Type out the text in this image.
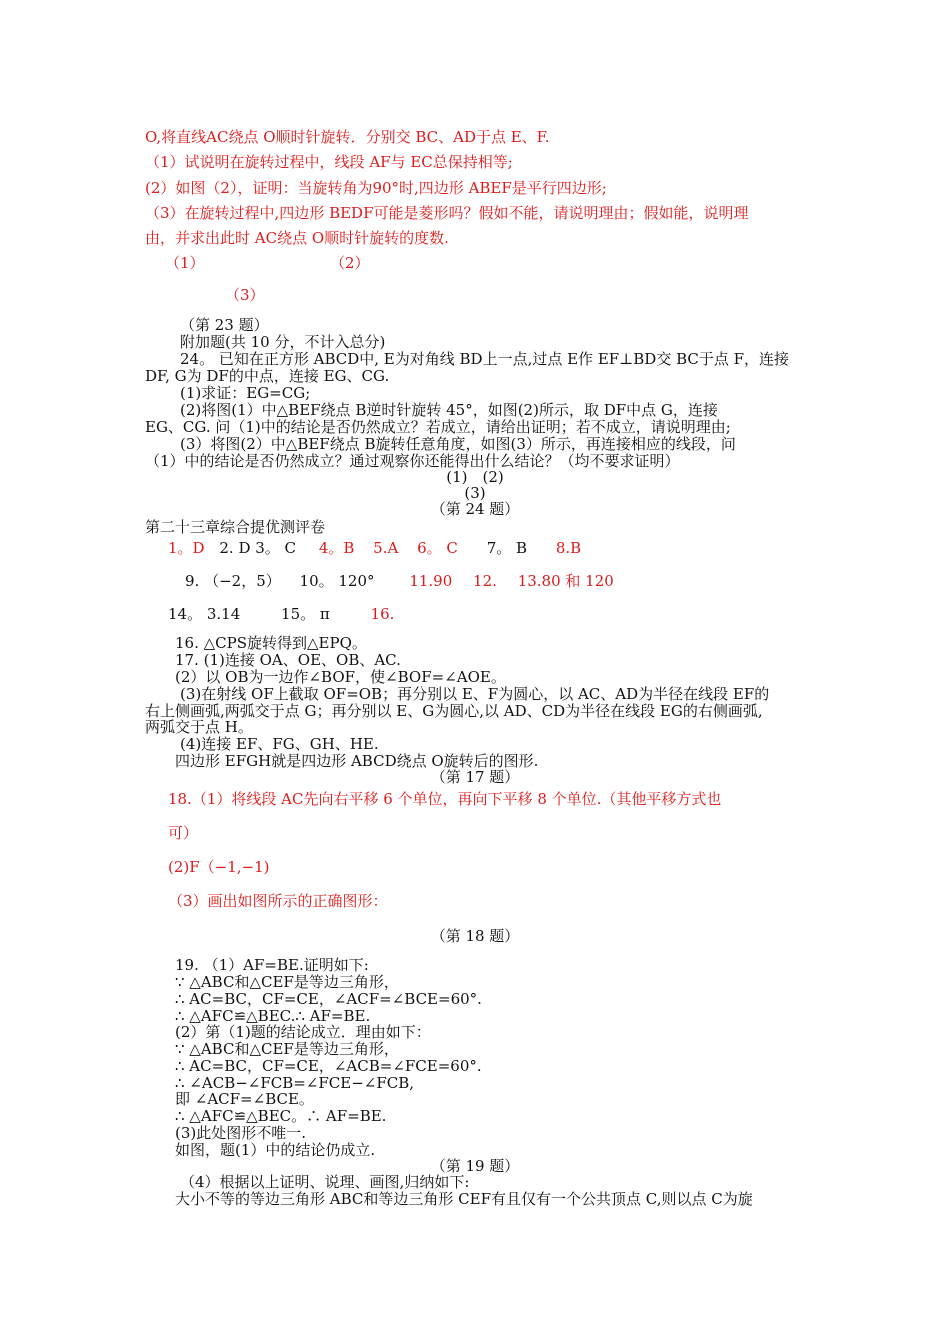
O,将直线AC绕点 O顺时针旋转．分别交 BC、AD于点 E、F.
（1）试说明在旋转过程中，线段 AF与 EC总保持相等;
(2）如图（2），证明：当旋转角为90°时,四边形 ABEF是平行四边形;
（3）在旋转过程中,四边形 BEDF可能是菱形吗？假如不能，请说明理由；假如能，说明理
由，并求出此时 AC绕点 O顺时针旋转的度数.
（1）	（2）
（3）
（第 23 题）
附加题(共 10 分，不计入总分)
24。 已知在正方形 ABCD中, E为对角线 BD上一点,过点 E作 EF⊥BD交 BC于点 F，连接
DF, G为 DF的中点，连接 EG、CG.
(1)求证：EG=CG;
(2)将图(1）中△BEF绕点 B逆时针旋转 45°，如图(2)所示，取 DF中点 G，连接
EG、CG. 问（1)中的结论是否仍然成立？若成立，请给出证明；若不成立，请说明理由;
(3）将图(2）中△BEF绕点 B旋转任意角度，如图(3）所示，再连接相应的线段，问
（1）中的结论是否仍然成立？通过观察你还能得出什么结论？（均不要求证明）
(1)　(2)
(3)
（第 24 题）
第二十三章综合提优测评卷
1。D 2. D 3。 C 4。B 5.A 6。 C 7。 B 8.B
9. （−2，5） 10。 120° 11.90 12. 13.80 和 120
14。 3.14	15。 π	16.
16. △CPS旋转得到△EPQ。
17. (1)连接 OA、OE、OB、AC.
(2）以 OB为一边作∠BOF，使∠BOF=∠AOE。
(3)在射线 OF上截取 OF=OB；再分别以 E、F为圆心，以 AC、AD为半径在线段 EF的
右上侧画弧,两弧交于点 G；再分别以 E、G为圆心,以 AD、CD为半径在线段 EG的右侧画弧,
两弧交于点 H。
(4)连接 EF、FG、GH、HE.
四边形 EFGH就是四边形 ABCD绕点 O旋转后的图形.
（第 17 题）
18.（1）将线段 AC先向右平移 6 个单位，再向下平移 8 个单位.（其他平移方式也
可）
(2)F（−1,−1)
（3）画出如图所示的正确图形：
（第 18 题）
19. （1）AF=BE.证明如下:
∵ △ABC和△CEF是等边三角形，
∴ AC=BC，CF=CE，∠ACF=∠BCE=60°.
∴ △AFC≌△BEC.∴ AF=BE.
(2）第（1)题的结论成立．理由如下：
∵ △ABC和△CEF是等边三角形，
∴ AC=BC，CF=CE，∠ACB=∠FCE=60°.
∴ ∠ACB−∠FCB=∠FCE−∠FCB,
即 ∠ACF=∠BCE。
∴ △AFC≌△BEC。∴ AF=BE.
(3)此处图形不唯一.
如图，题(1）中的结论仍成立.
（第 19 题）
（4）根据以上证明、说理、画图,归纳如下:
大小不等的等边三角形 ABC和等边三角形 CEF有且仅有一个公共顶点 C,则以点 C为旋
